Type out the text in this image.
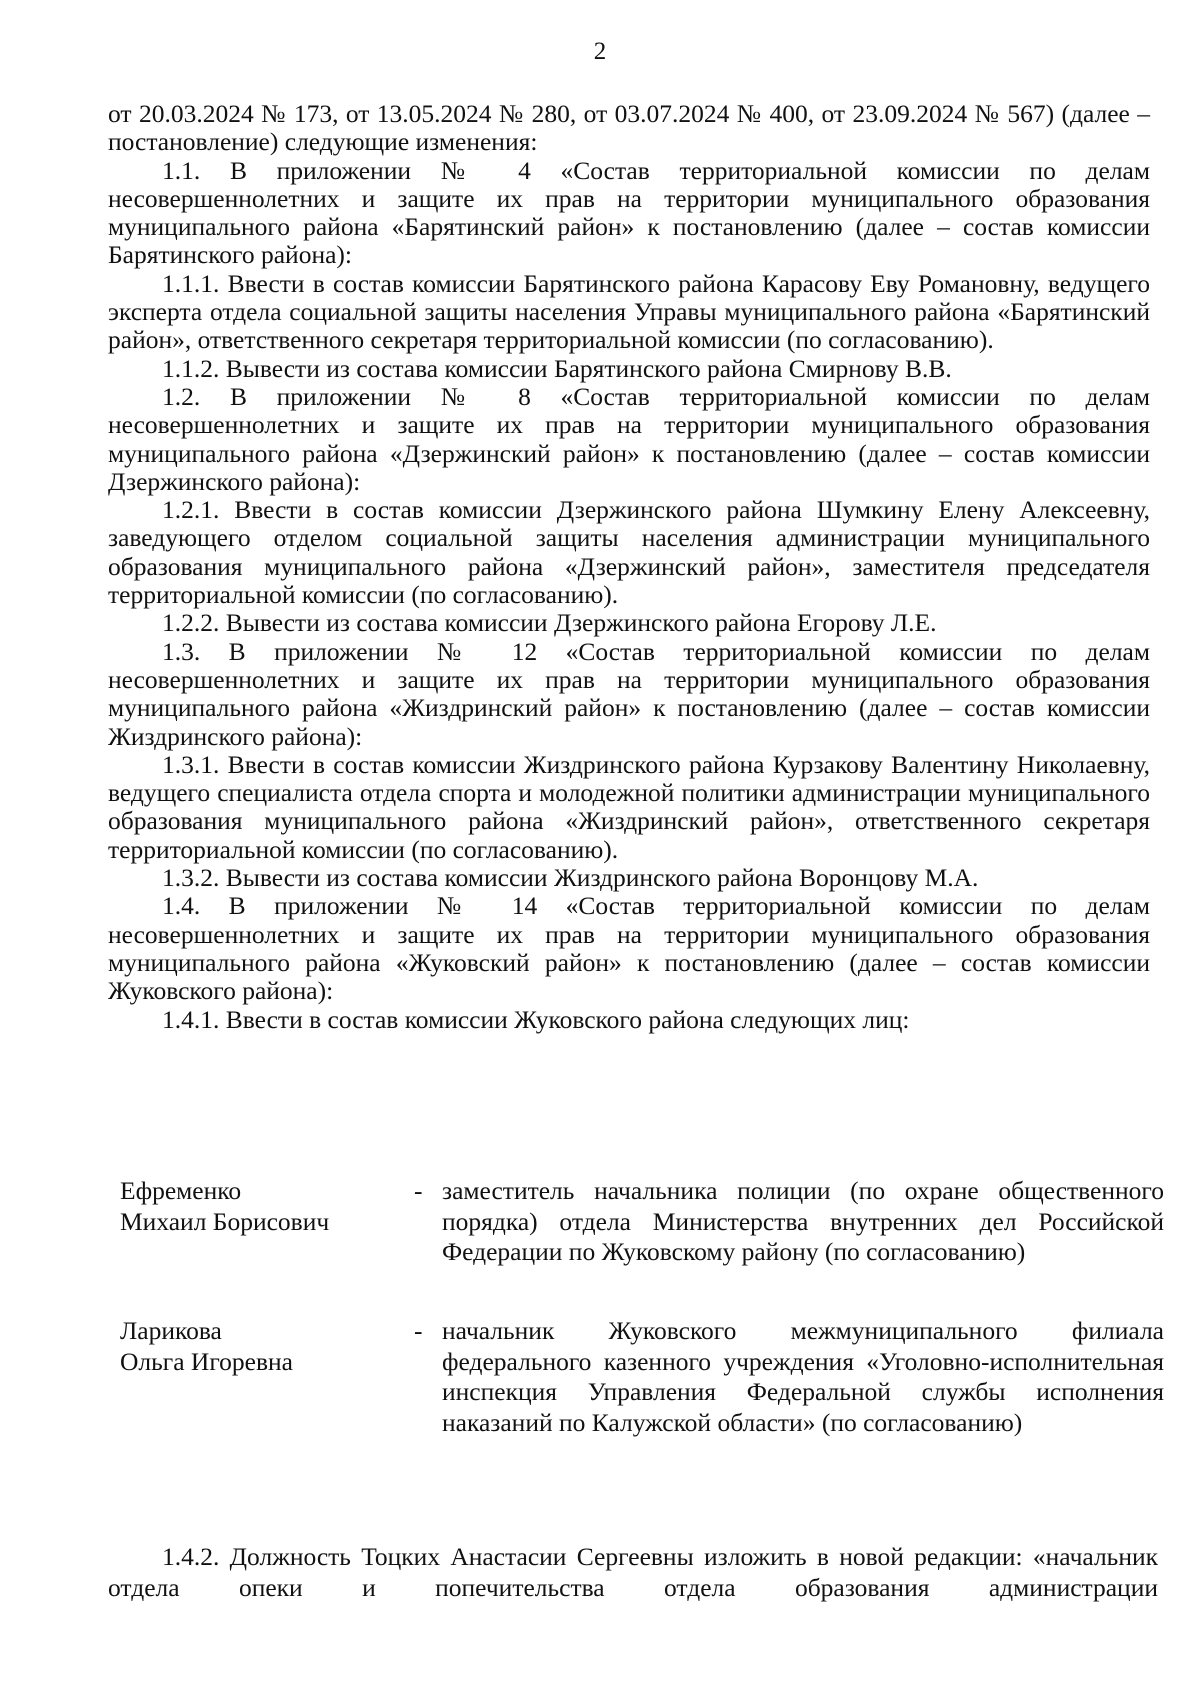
2

от 20.03.2024 № 173, от 13.05.2024 № 280, от 03.07.2024 № 400, от 23.09.2024 № 567) (далее – постановление) следующие изменения:

1.1. В приложении № 4 «Состав территориальной комиссии по делам несовершеннолетних и защите их прав на территории муниципального образования муниципального района «Барятинский район» к постановлению (далее – состав комиссии Барятинского района):

1.1.1. Ввести в состав комиссии Барятинского района Карасову Еву Романовну, ведущего эксперта отдела социальной защиты населения Управы муниципального района «Барятинский район», ответственного секретаря территориальной комиссии (по согласованию).

1.1.2. Вывести из состава комиссии Барятинского района Смирнову В.В.

1.2. В приложении № 8 «Состав территориальной комиссии по делам несовершеннолетних и защите их прав на территории муниципального образования муниципального района «Дзержинский район» к постановлению (далее – состав комиссии Дзержинского района):

1.2.1. Ввести в состав комиссии Дзержинского района Шумкину Елену Алексеевну, заведующего отделом социальной защиты населения администрации муниципального образования муниципального района «Дзержинский район», заместителя председателя территориальной комиссии (по согласованию).

1.2.2. Вывести из состава комиссии Дзержинского района Егорову Л.Е.

1.3. В приложении № 12 «Состав территориальной комиссии по делам несовершеннолетних и защите их прав на территории муниципального образования муниципального района «Жиздринский район» к постановлению (далее – состав комиссии Жиздринского района):

1.3.1. Ввести в состав комиссии Жиздринского района Курзакову Валентину Николаевну, ведущего специалиста отдела спорта и молодежной политики администрации муниципального образования муниципального района «Жиздринский район», ответственного секретаря территориальной комиссии (по согласованию).

1.3.2. Вывести из состава комиссии Жиздринского района Воронцову М.А.

1.4. В приложении № 14 «Состав территориальной комиссии по делам несовершеннолетних и защите их прав на территории муниципального образования муниципального района «Жуковский район» к постановлению (далее – состав комиссии Жуковского района):

1.4.1. Ввести в состав комиссии Жуковского района следующих лиц:

Ефременко
Михаил Борисович
- заместитель начальника полиции (по охране общественного порядка) отдела Министерства внутренних дел Российской Федерации по Жуковскому району (по согласованию)
Ларикова
Ольга Игоревна
- начальник Жуковского межмуниципального филиала федерального казенного учреждения «Уголовно-исполнительная инспекция Управления Федеральной службы исполнения наказаний по Калужской области» (по согласованию)

1.4.2. Должность Тоцких Анастасии Сергеевны изложить в новой редакции: «начальник отдела опеки и попечительства отдела образования администрации
